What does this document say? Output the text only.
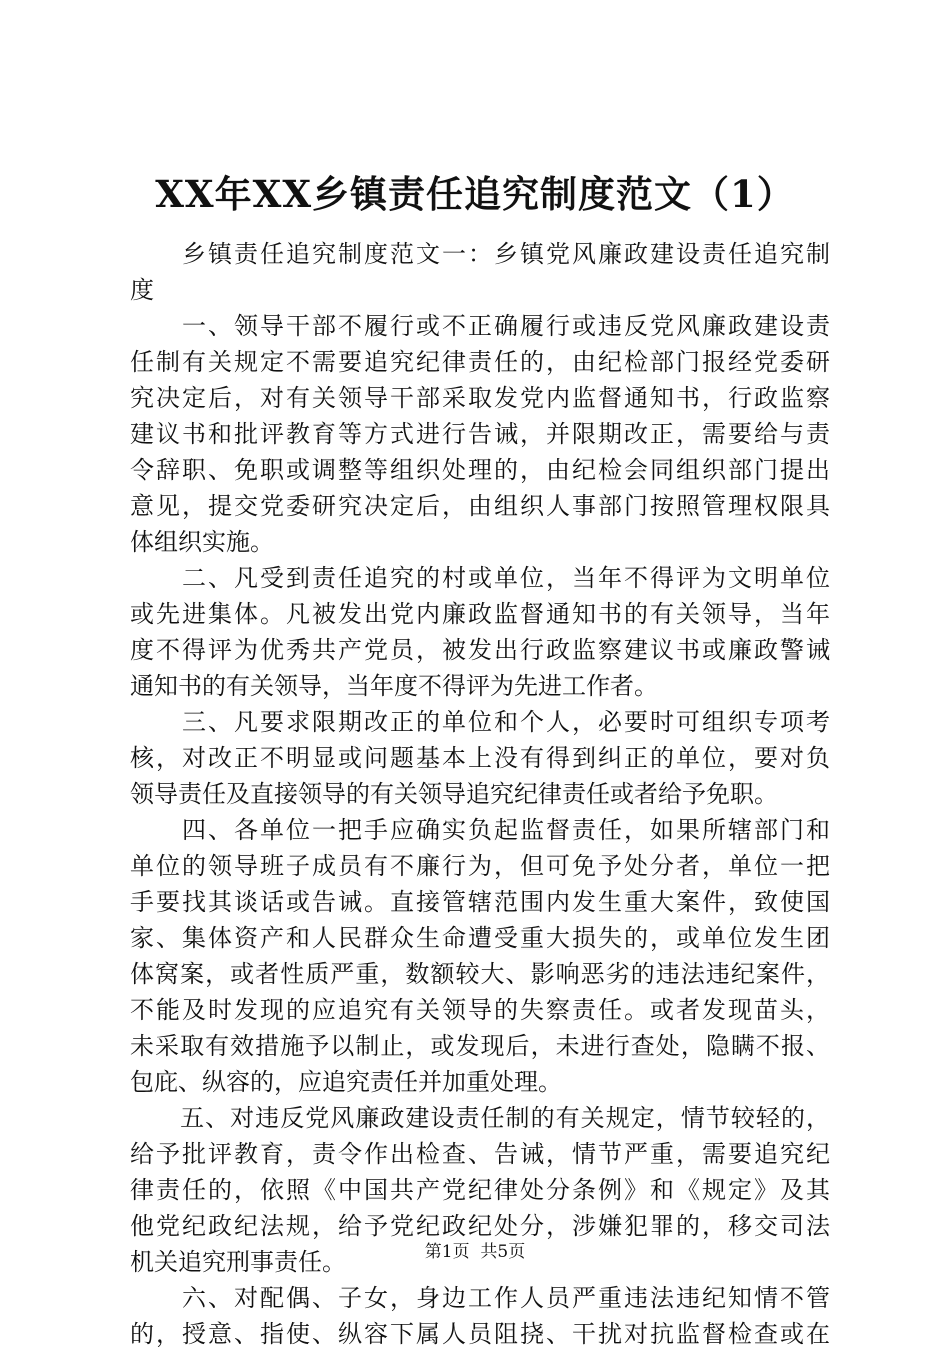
XX年XX乡镇责任追究制度范文（1）
　　乡镇责任追究制度范文一：乡镇党风廉政建设责任追究制
度
　　一、领导干部不履行或不正确履行或违反党风廉政建设责
任制有关规定不需要追究纪律责任的，由纪检部门报经党委研
究决定后，对有关领导干部采取发党内监督通知书，行政监察
建议书和批评教育等方式进行告诫，并限期改正，需要给与责
令辞职、免职或调整等组织处理的，由纪检会同组织部门提出
意见，提交党委研究决定后，由组织人事部门按照管理权限具
体组织实施。
　　二、凡受到责任追究的村或单位，当年不得评为文明单位
或先进集体。凡被发出党内廉政监督通知书的有关领导，当年
度不得评为优秀共产党员，被发出行政监察建议书或廉政警诫
通知书的有关领导，当年度不得评为先进工作者。
　　三、凡要求限期改正的单位和个人，必要时可组织专项考
核，对改正不明显或问题基本上没有得到纠正的单位，要对负
领导责任及直接领导的有关领导追究纪律责任或者给予免职。
　　四、各单位一把手应确实负起监督责任，如果所辖部门和
单位的领导班子成员有不廉行为，但可免予处分者，单位一把
手要找其谈话或告诫。直接管辖范围内发生重大案件，致使国
家、集体资产和人民群众生命遭受重大损失的，或单位发生团
体窝案，或者性质严重，数额较大、影响恶劣的违法违纪案件，
不能及时发现的应追究有关领导的失察责任。或者发现苗头，
未采取有效措施予以制止，或发现后，未进行查处，隐瞒不报、
包庇、纵容的，应追究责任并加重处理。
　　五、对违反党风廉政建设责任制的有关规定，情节较轻的，
给予批评教育，责令作出检查、告诫，情节严重，需要追究纪
律责任的，依照《中国共产党纪律处分条例》和《规定》及其
他党纪政纪法规，给予党纪政纪处分，涉嫌犯罪的，移交司法
机关追究刑事责任。
　　六、对配偶、子女，身边工作人员严重违法违纪知情不管
的，授意、指使、纵容下属人员阻挠、干扰对抗监督检查或在
第1页 共5页
